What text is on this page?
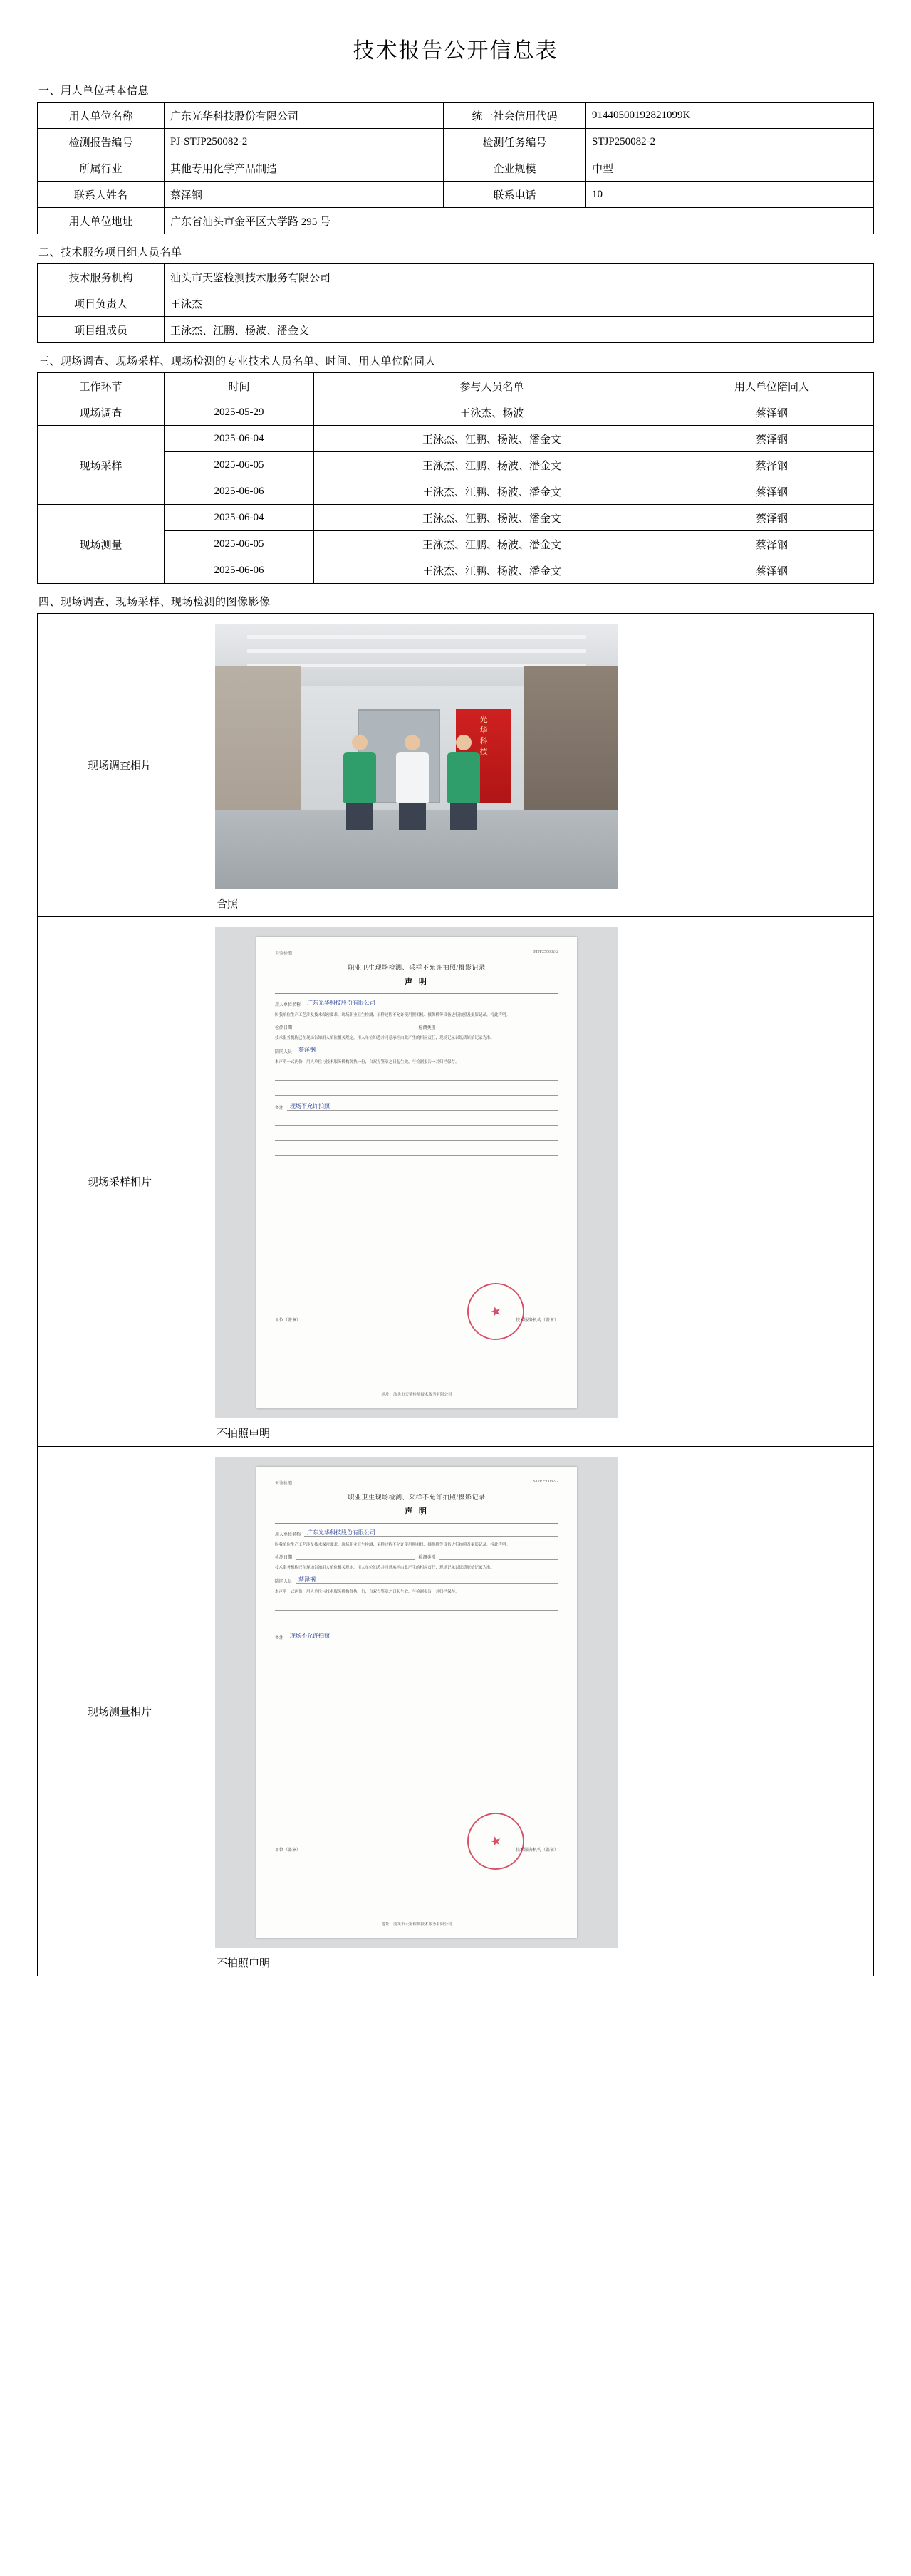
技术报告公开信息表
一、用人单位基本信息
用人单位名称	广东光华科技股份有限公司	统一社会信用代码	91440500192821099K
检测报告编号	PJ-STJP250082-2	检测任务编号	STJP250082-2
所属行业	其他专用化学产品制造	企业规模	中型
联系人姓名	蔡泽钢	联系电话	10
用人单位地址	广东省汕头市金平区大学路 295 号		
二、技术服务项目组人员名单
技术服务机构	汕头市天鉴检测技术服务有限公司
项目负责人	王泳杰
项目组成员	王泳杰、江鹏、杨波、潘金文
三、现场调查、现场采样、现场检测的专业技术人员名单、时间、用人单位陪同人
工作环节	时间	参与人员名单	用人单位陪同人
现场调查	2025-05-29	王泳杰、杨波	蔡泽钢
现场采样	2025-06-04	王泳杰、江鹏、杨波、潘金文	蔡泽钢
	2025-06-05	王泳杰、江鹏、杨波、潘金文	蔡泽钢
	2025-06-06	王泳杰、江鹏、杨波、潘金文	蔡泽钢
现场测量	2025-06-04	王泳杰、江鹏、杨波、潘金文	蔡泽钢
	2025-06-05	王泳杰、江鹏、杨波、潘金文	蔡泽钢
	2025-06-06	王泳杰、江鹏、杨波、潘金文	蔡泽钢
四、现场调查、现场采样、现场检测的图像影像
现场调查相片	光
华
科
技
合照

现场采样相片	
天鉴检测	STJP250082-2
职业卫生现场检测、采样不允许拍照/摄影记录
声 明
用人单位名称	广东光华科技股份有限公司
因我单位生产工艺涉及技术保密要求，现场职业卫生检测、采样过程不允许使用照相机、摄像机等设备进行拍照及摄影记录，特此声明。
检测日期	检测类别
技术服务机构已在现场告知用人单位相关规定，用人单位知悉并同意承担由此产生的相应责任，现场记录以纸质原始记录为准。
陪同人员	蔡泽钢
本声明一式两份，用人单位与技术服务机构各执一份，自双方签章之日起生效，与检测报告一并归档保存。
备注	现场不允许拍照
单位（盖章）	技术服务机构（盖章）
★
地址：汕头市天鉴检测技术服务有限公司
不拍照申明

现场测量相片	
天鉴检测	STJP250082-2
职业卫生现场检测、采样不允许拍照/摄影记录
声 明
用人单位名称	广东光华科技股份有限公司
因我单位生产工艺涉及技术保密要求，现场职业卫生检测、采样过程不允许使用照相机、摄像机等设备进行拍照及摄影记录，特此声明。
检测日期	检测类别
技术服务机构已在现场告知用人单位相关规定，用人单位知悉并同意承担由此产生的相应责任，现场记录以纸质原始记录为准。
陪同人员	蔡泽钢
本声明一式两份，用人单位与技术服务机构各执一份，自双方签章之日起生效，与检测报告一并归档保存。
备注	现场不允许拍照
单位（盖章）	技术服务机构（盖章）
★
地址：汕头市天鉴检测技术服务有限公司
不拍照申明
